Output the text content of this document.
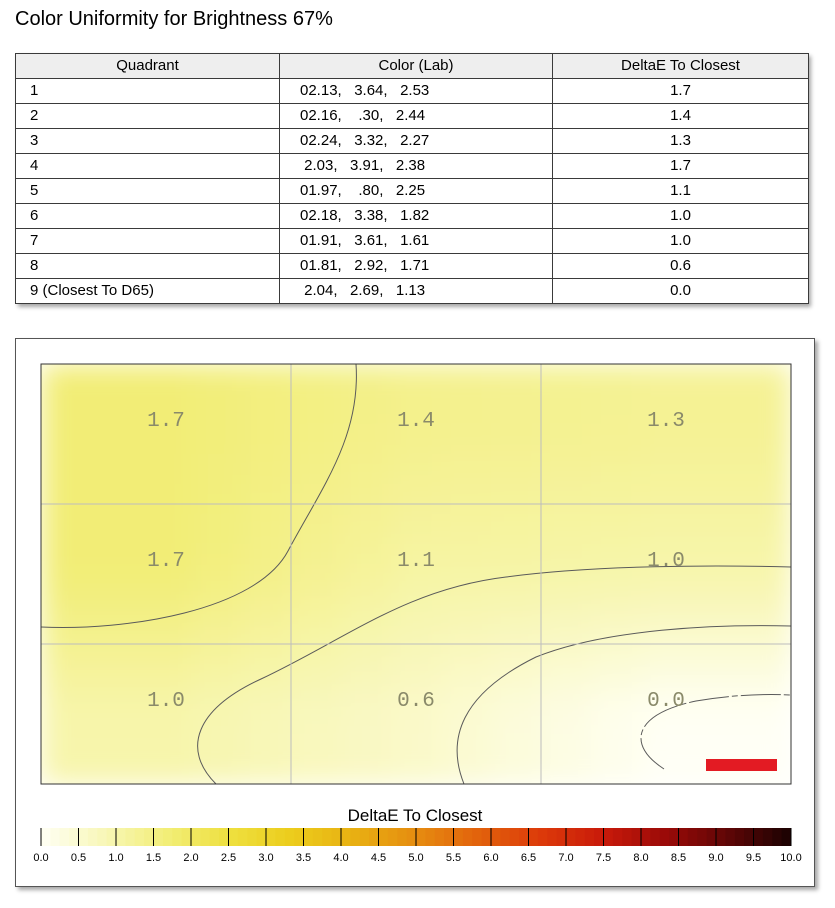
Color Uniformity for Brightness 67%
Quadrant	Color (Lab)	DeltaE To Closest
1	02.13,   3.64,   2.53	1.7
2	02.16,    .30,   2.44	1.4
3	02.24,   3.32,   2.27	1.3
4	2.03,   3.91,   2.38	1.7
5	01.97,    .80,   2.25	1.1
6	02.18,   3.38,   1.82	1.0
7	01.91,   3.61,   1.61	1.0
8	01.81,   2.92,   1.71	0.6
9 (Closest To D65)	2.04,   2.69,   1.13	0.0
1.7	1.4	1.3
1.7	1.1	1.0
1.0	0.6	0.0
DeltaE To Closest
0.0 0.5 1.0 1.5 2.0 2.5 3.0 3.5 4.0 4.5 5.0 5.5 6.0 6.5 7.0 7.5 8.0 8.5 9.0 9.5 10.0
